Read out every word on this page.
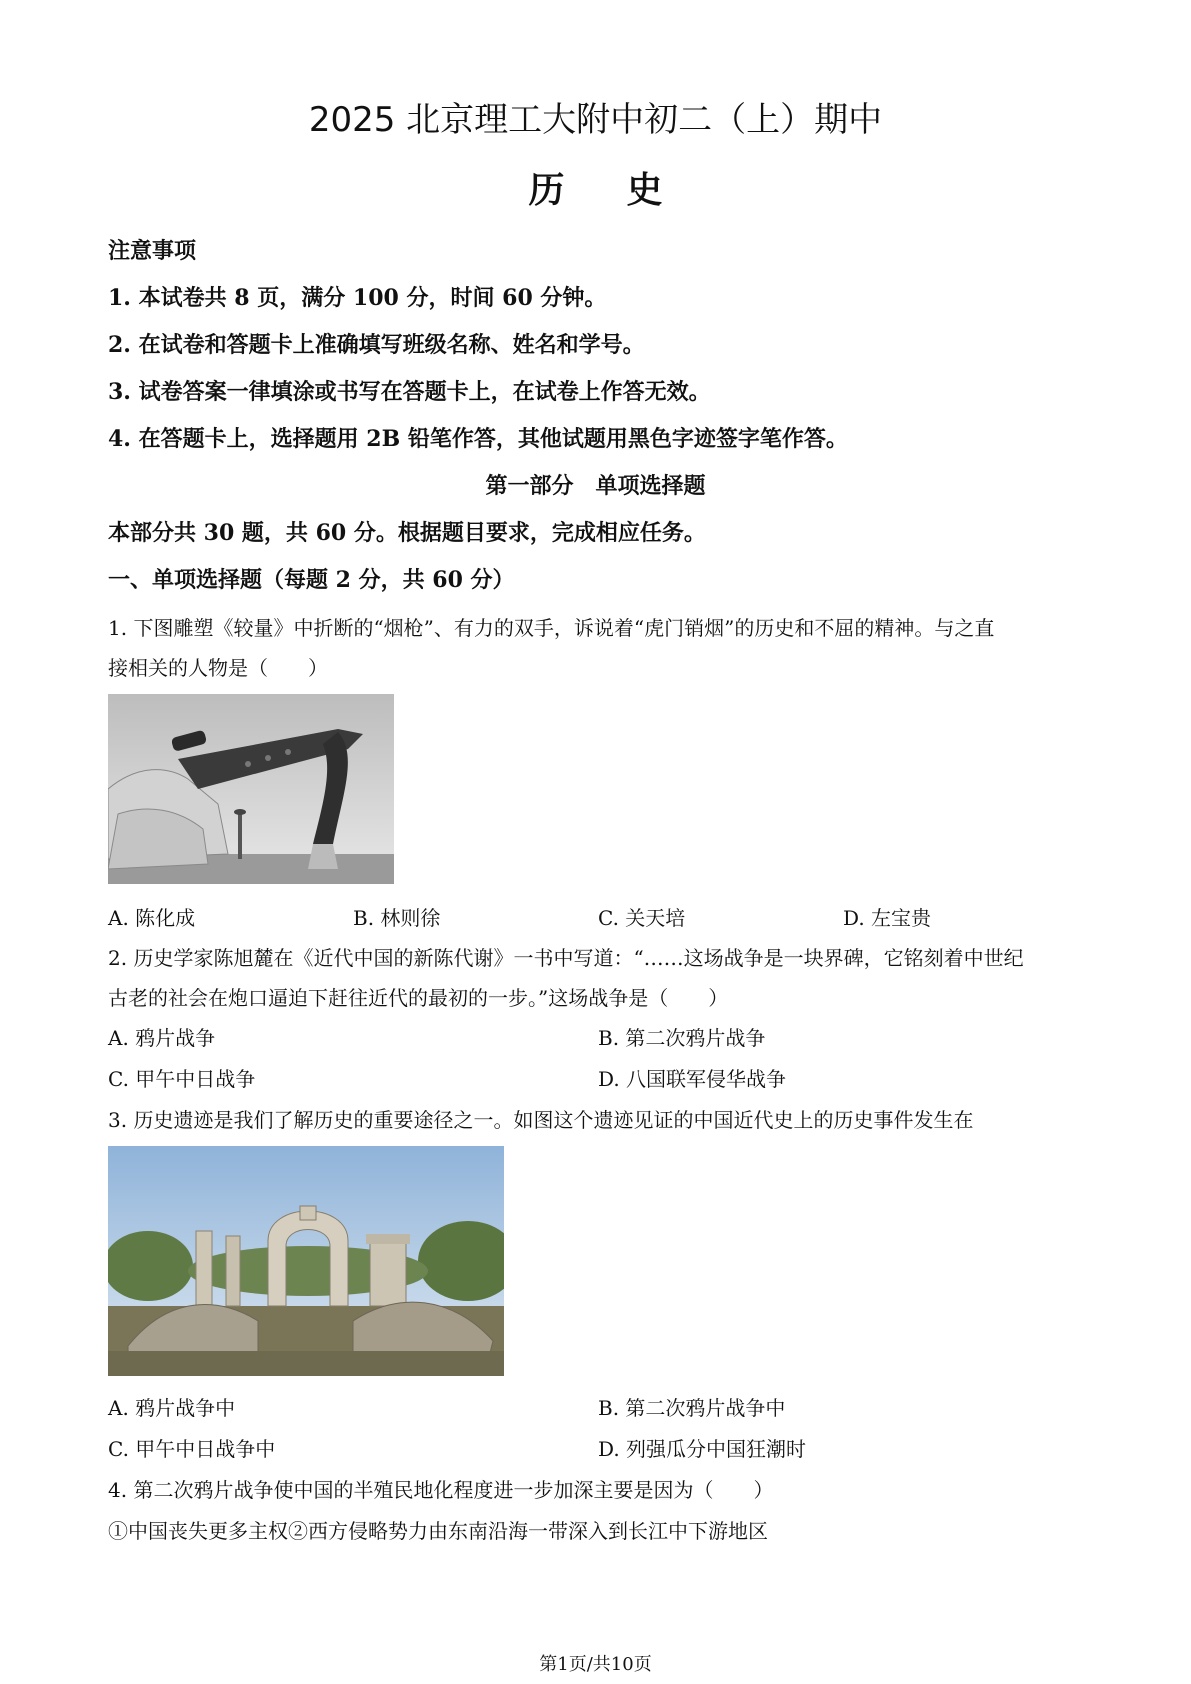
2025 北京理工大附中初二（上）期中
历史
注意事项
1. 本试卷共 8 页，满分 100 分，时间 60 分钟。
2. 在试卷和答题卡上准确填写班级名称、姓名和学号。
3. 试卷答案一律填涂或书写在答题卡上，在试卷上作答无效。
4. 在答题卡上，选择题用 2B 铅笔作答，其他试题用黑色字迹签字笔作答。
第一部分　单项选择题
本部分共 30 题，共 60 分。根据题目要求，完成相应任务。
一、单项选择题（每题 2 分，共 60 分）
1. 下图雕塑《较量》中折断的“烟枪”、有力的双手，诉说着“虎门销烟”的历史和不屈的精神。与之直
接相关的人物是（　　）
A. 陈化成	B. 林则徐	C. 关天培	D. 左宝贵
2. 历史学家陈旭麓在《近代中国的新陈代谢》一书中写道：“……这场战争是一块界碑，它铭刻着中世纪
古老的社会在炮口逼迫下赶往近代的最初的一步。”这场战争是（　　）
A. 鸦片战争	B. 第二次鸦片战争
C. 甲午中日战争	D. 八国联军侵华战争
3. 历史遗迹是我们了解历史的重要途径之一。如图这个遗迹见证的中国近代史上的历史事件发生在
A. 鸦片战争中	B. 第二次鸦片战争中
C. 甲午中日战争中	D. 列强瓜分中国狂潮时
4. 第二次鸦片战争使中国的半殖民地化程度进一步加深主要是因为（　　）
①中国丧失更多主权②西方侵略势力由东南沿海一带深入到长江中下游地区
第1页/共10页
